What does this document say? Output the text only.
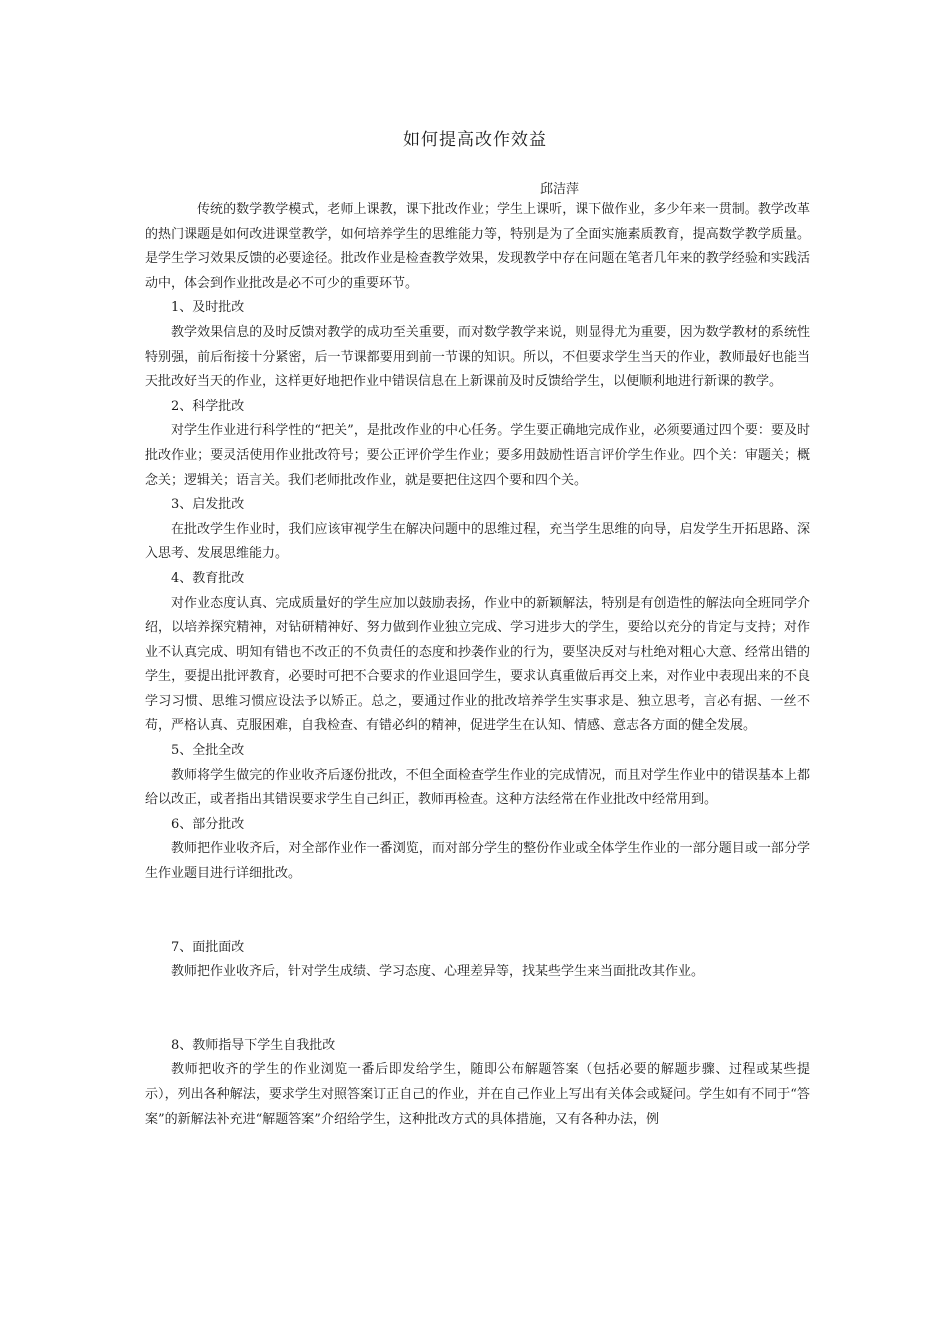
如何提高改作效益
邱洁萍

传统的数学教学模式，老师上课教，课下批改作业；学生上课听，课下做作业，多少年来一贯制。教学改革的热门课题是如何改进课堂教学，如何培养学生的思维能力等，特别是为了全面实施素质教育，提高数学教学质量。是学生学习效果反馈的必要途径。批改作业是检查教学效果，发现教学中存在问题在笔者几年来的教学经验和实践活动中，体会到作业批改是必不可少的重要环节。

1、及时批改

教学效果信息的及时反馈对教学的成功至关重要，而对数学教学来说，则显得尤为重要，因为数学教材的系统性特别强，前后衔接十分紧密，后一节课都要用到前一节课的知识。所以，不但要求学生当天的作业，教师最好也能当天批改好当天的作业，这样更好地把作业中错误信息在上新课前及时反馈给学生，以便顺利地进行新课的教学。

2、科学批改

对学生作业进行科学性的“把关”，是批改作业的中心任务。学生要正确地完成作业，必须要通过四个要：要及时批改作业；要灵活使用作业批改符号；要公正评价学生作业；要多用鼓励性语言评价学生作业。四个关：审题关；概念关；逻辑关；语言关。我们老师批改作业，就是要把住这四个要和四个关。

3、启发批改

在批改学生作业时，我们应该审视学生在解决问题中的思维过程，充当学生思维的向导，启发学生开拓思路、深入思考、发展思维能力。

4、教育批改

对作业态度认真、完成质量好的学生应加以鼓励表扬，作业中的新颖解法，特别是有创造性的解法向全班同学介绍，以培养探究精神，对钻研精神好、努力做到作业独立完成、学习进步大的学生，要给以充分的肯定与支持；对作业不认真完成、明知有错也不改正的不负责任的态度和抄袭作业的行为，要坚决反对与杜绝对粗心大意、经常出错的学生，要提出批评教育，必要时可把不合要求的作业退回学生，要求认真重做后再交上来，对作业中表现出来的不良学习习惯、思维习惯应设法予以矫正。总之，要通过作业的批改培养学生实事求是、独立思考，言必有据、一丝不苟，严格认真、克服困难，自我检查、有错必纠的精神，促进学生在认知、情感、意志各方面的健全发展。

5、全批全改

教师将学生做完的作业收齐后逐份批改，不但全面检查学生作业的完成情况，而且对学生作业中的错误基本上都给以改正，或者指出其错误要求学生自己纠正，教师再检查。这种方法经常在作业批改中经常用到。

6、部分批改

教师把作业收齐后，对全部作业作一番浏览，而对部分学生的整份作业或全体学生作业的一部分题目或一部分学生作业题目进行详细批改。

7、面批面改

教师把作业收齐后，针对学生成绩、学习态度、心理差异等，找某些学生来当面批改其作业。

8、教师指导下学生自我批改

教师把收齐的学生的作业浏览一番后即发给学生，随即公布解题答案（包括必要的解题步骤、过程或某些提示），列出各种解法，要求学生对照答案订正自己的作业，并在自己作业上写出有关体会或疑问。学生如有不同于“答案”的新解法补充进“解题答案”介绍给学生，这种批改方式的具体措施，又有各种办法，例
